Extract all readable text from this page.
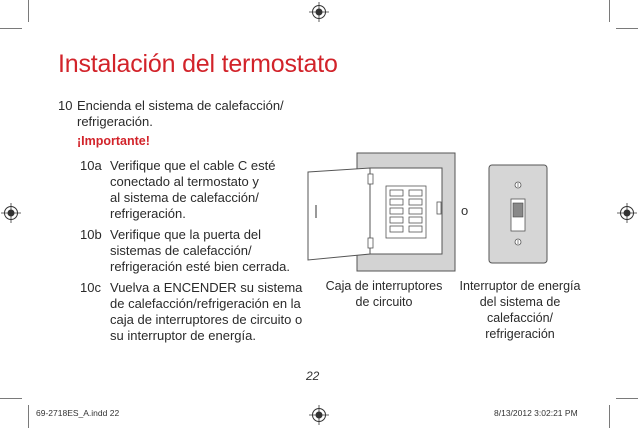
Instalación del termostato
10 Encienda el sistema de calefacción/
refrigeración.
¡Importante!
10a Verifique que el cable C esté
conectado al termostato y
al sistema de calefacción/
refrigeración.
10b Verifique que la puerta del
sistemas de calefacción/
refrigeración esté bien cerrada.
10c Vuelva a ENCENDER su sistema
de calefacción/refrigeración en la
caja de interruptores de circuito o
su interruptor de energía.
o
Caja de interruptores
de circuito
Interruptor de energía
del sistema de
calefacción/
refrigeración
22
69-2718ES_A.indd 22	8/13/2012 3:02:21 PM
